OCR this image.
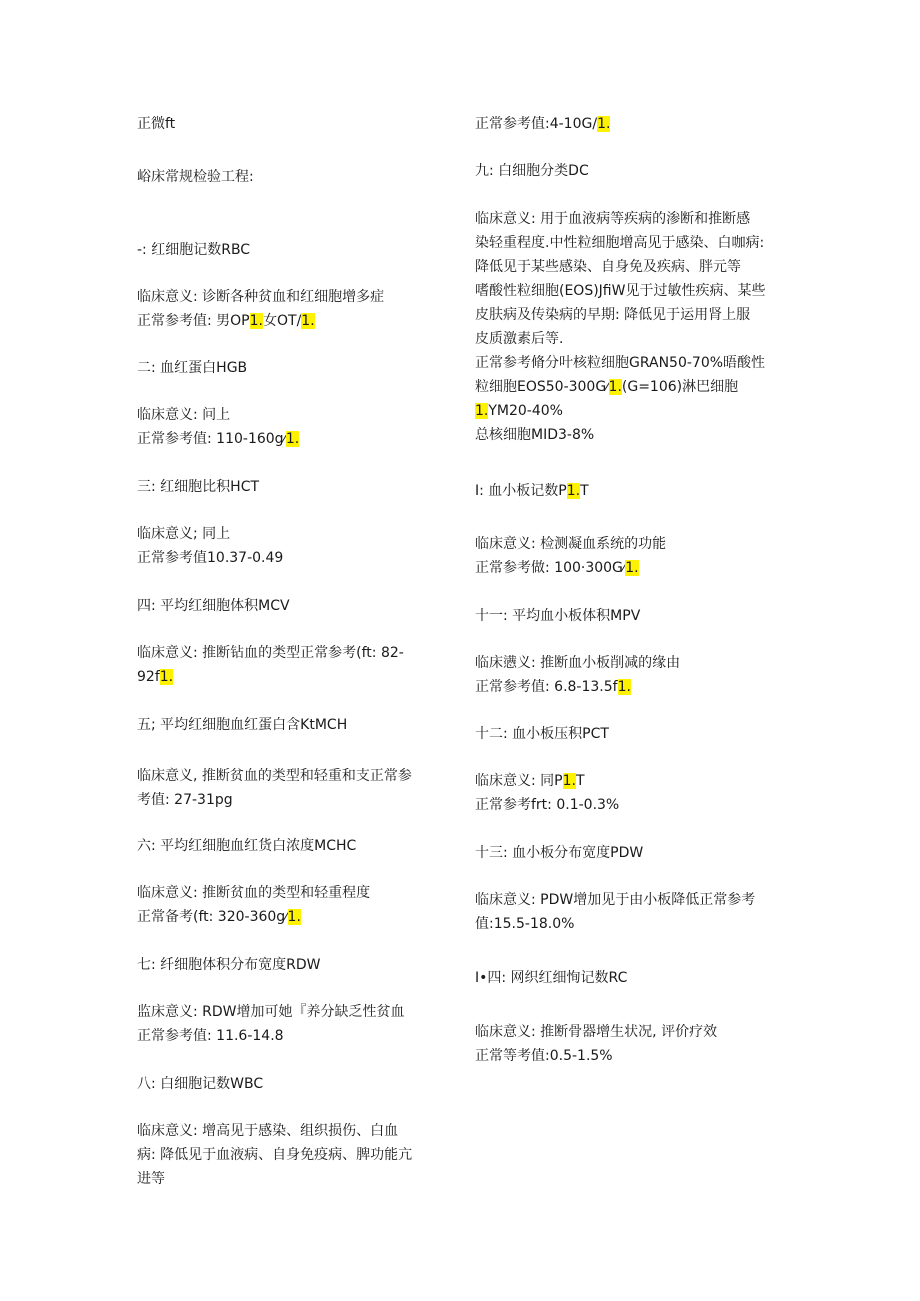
正微ft
峪床常规检验工程:
-: 红细胞记数RBC
临床意义: 诊断各种贫血和红细胞增多症
正常参考值: 男OP1.女OT/1.
二: 血红蛋白HGB
临床意义: 问上
正常参考值: 110-160g⁄1.
三: 红细胞比积HCT
临床意义; 同上
正常参考值10.37-0.49
四: 平均红细胞体积MCV
临床意义: 推断钻血的类型正常参考(ft: 82-
92f1.
五; 平均红细胞血红蛋白含KtMCH
临床意义, 推断贫血的类型和轻重和支正常参
考值: 27-31pg
六: 平均红细胞血红货白浓度MCHC
临床意义: 推断贫血的类型和轻重程度
正常备考(ft: 320-360g⁄1.
七: 纤细胞体积分布宽度RDW
监床意义: RDW增加可她『养分缺乏性贫血
正常参考值: 11.6-14.8
八: 白细胞记数WBC
临床意义: 增高见于感染、组织损伤、白血
病: 降低见于血液病、自身免疫病、脾功能亢
进等
正常参考值:4-10G/1.
九: 白细胞分类DC
临床意义: 用于血液病等疾病的渗断和推断感
染轻重程度.中性粒细胞增高见于感染、白咖病:
降低见于某些感染、自身免及疾病、胖元等
嗜酸性粒细胞(EOS)JfiW见于过敏性疾病、某些
皮肤病及传染病的早期: 降低见于运用肾上服
皮质激素后等.
正常参考脩分叶核粒细胞GRAN50-70%晤酸性
粒细胞EOS50-300G⁄1.(G=106)淋巴细胞
1.YM20-40%
总核细胞MID3-8%
I: 血小板记数P1.T
临床意义: 检测凝血系统的功能
正常参考做: 100·300G⁄1.
十一: 平均血小板体积MPV
临床懑义: 推断血小板削减的缘由
正常参考值: 6.8-13.5f1.
十二: 血小板压积PCT
临床意义: 同P1.T
正常参考frt: 0.1-0.3%
十三: 血小板分布宽度PDW
临床意义: PDW增加见于由小板降低正常参考
值:15.5-18.0%
I•四: 网织红细恂记数RC
临床意义: 推断骨器增生状况, 评价疗效
正常等考值:0.5-1.5%
